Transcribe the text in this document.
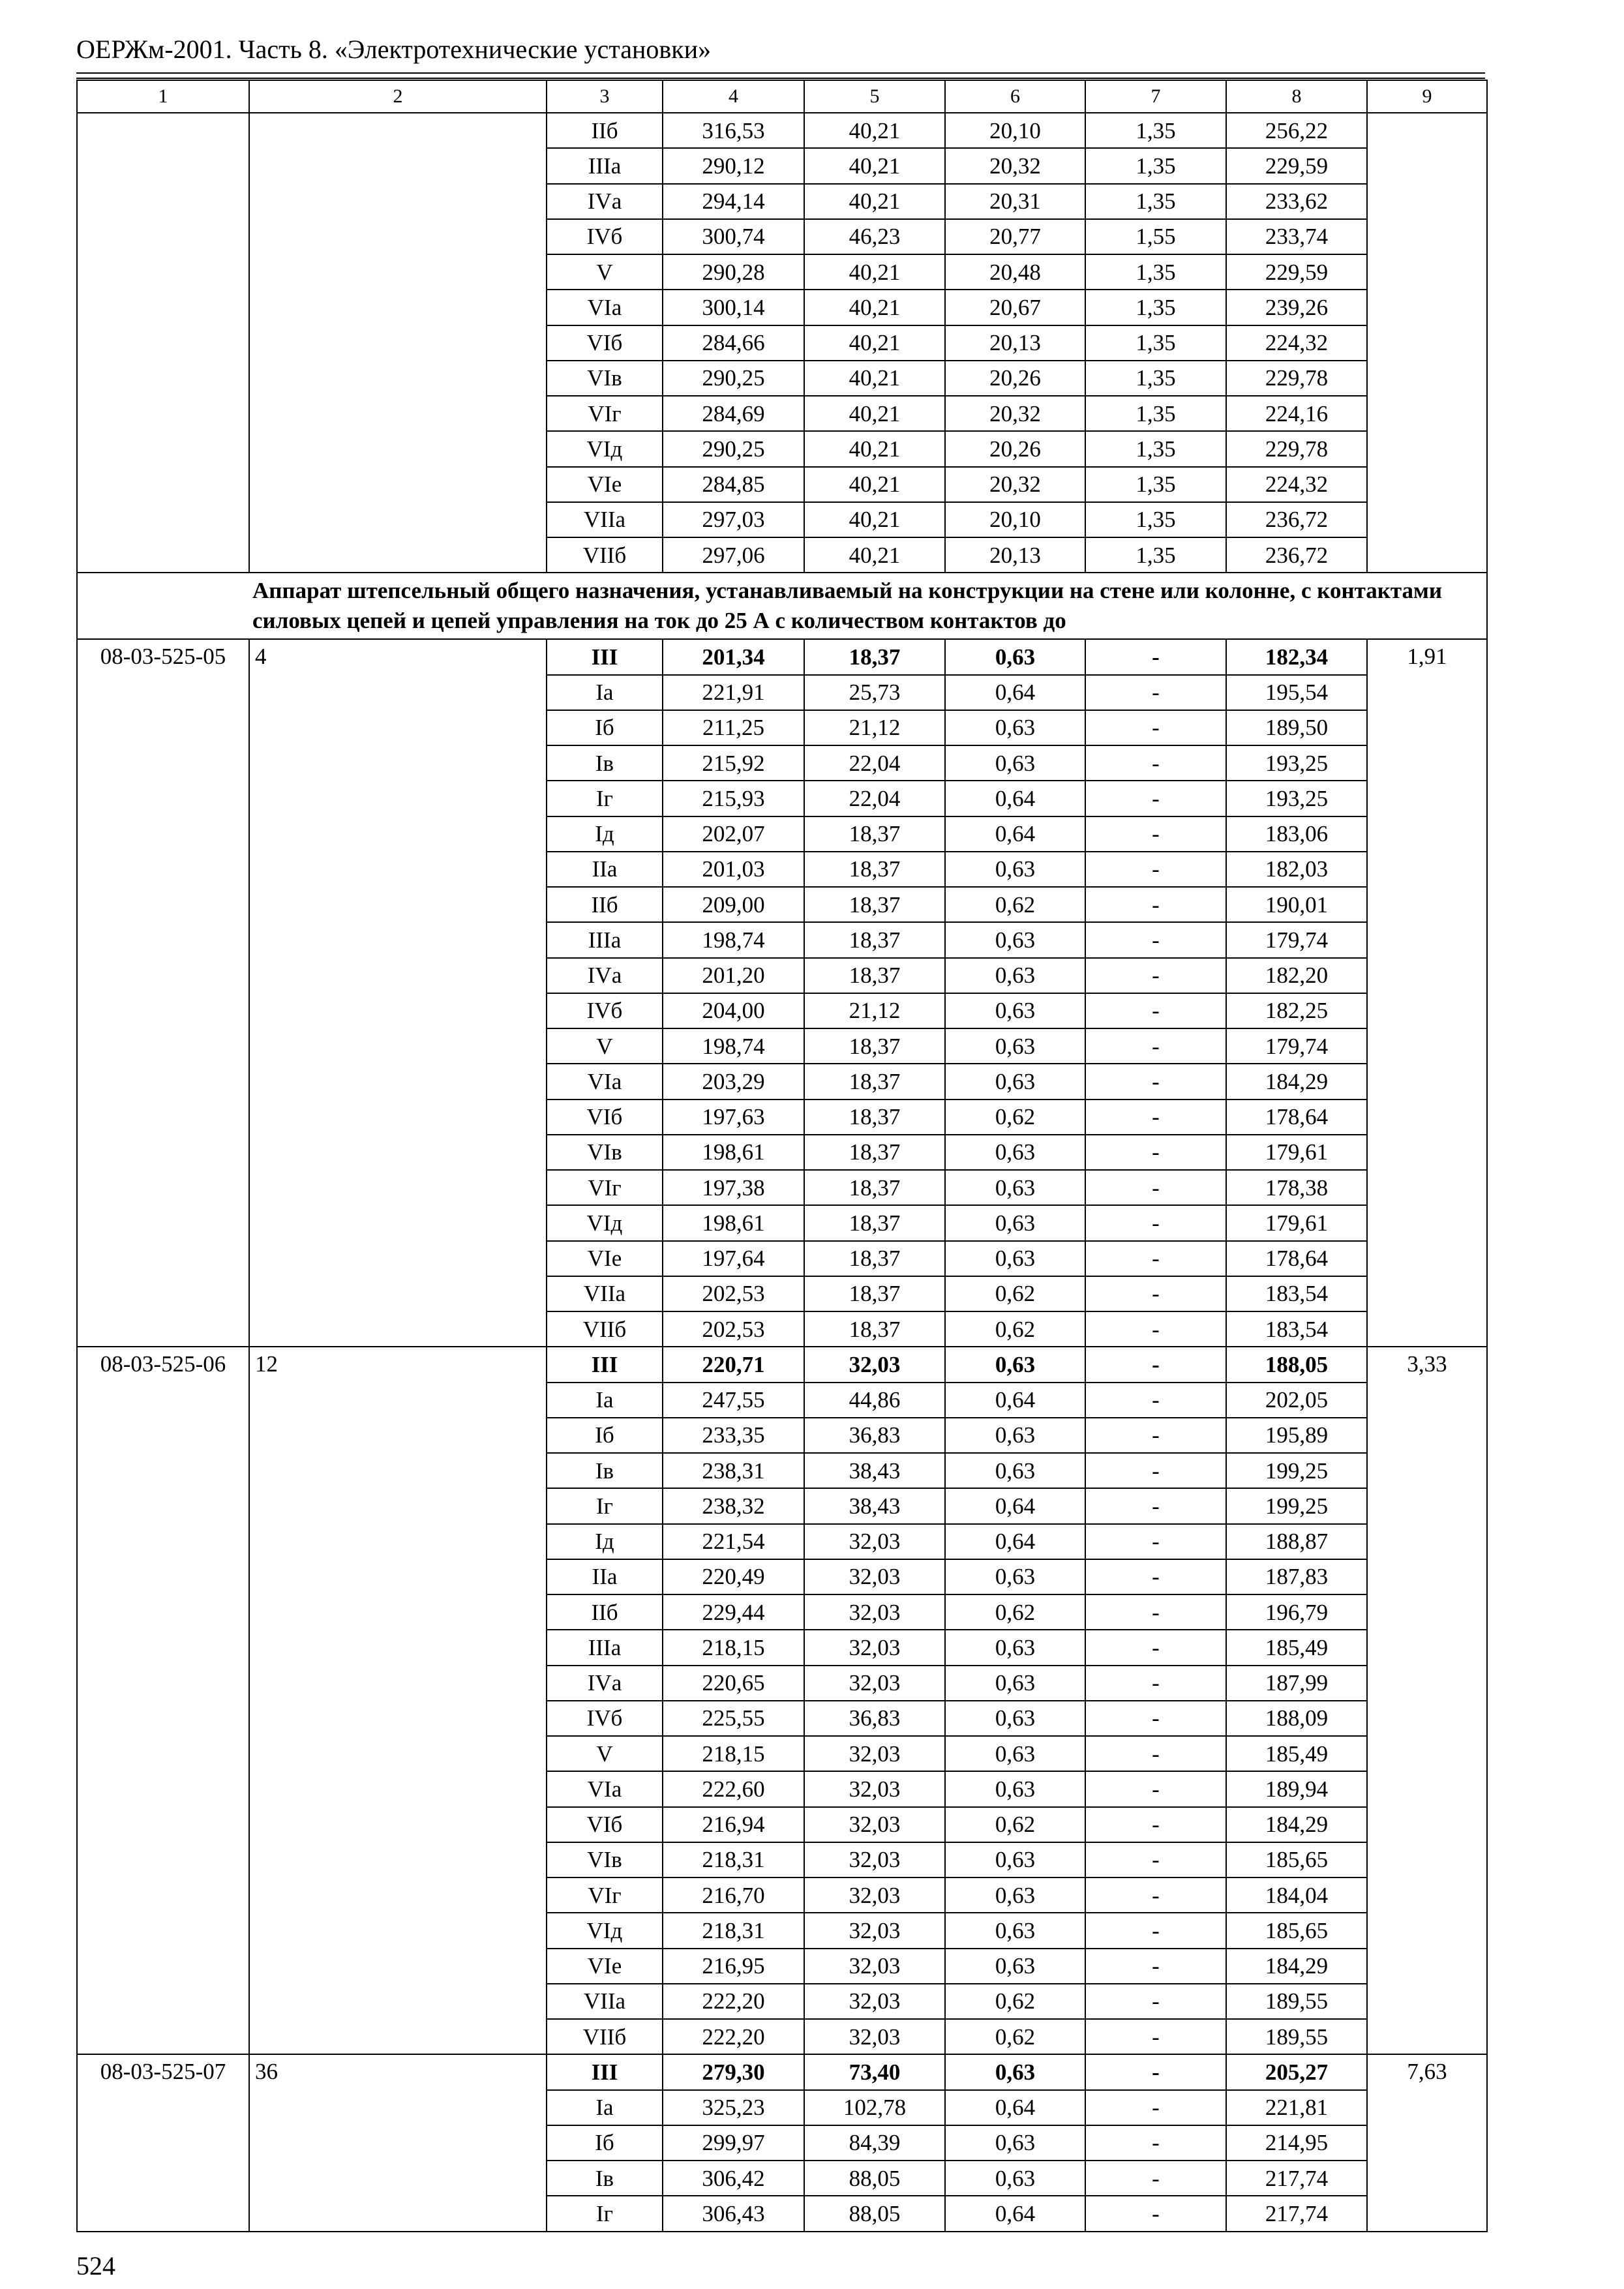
ОЕРЖм-2001. Часть 8. «Электротехнические установки»
1	2	3	4	5	6	7	8	9
		IIб	316,53	40,21	20,10	1,35	256,22	
		IIIа	290,12	40,21	20,32	1,35	229,59	
		IVа	294,14	40,21	20,31	1,35	233,62	
		IVб	300,74	46,23	20,77	1,55	233,74	
		V	290,28	40,21	20,48	1,35	229,59	
		VIа	300,14	40,21	20,67	1,35	239,26	
		VIб	284,66	40,21	20,13	1,35	224,32	
		VIв	290,25	40,21	20,26	1,35	229,78	
		VIг	284,69	40,21	20,32	1,35	224,16	
		VIд	290,25	40,21	20,26	1,35	229,78	
		VIе	284,85	40,21	20,32	1,35	224,32	
		VIIа	297,03	40,21	20,10	1,35	236,72	
		VIIб	297,06	40,21	20,13	1,35	236,72	
Аппарат штепсельный общего назначения, устанавливаемый на конструкции на стене или колонне, с контактами силовых цепей и цепей управления на ток до 25 А с количеством контактов до								
08-03-525-05	4	III	201,34	18,37	0,63	-	182,34	1,91
		Iа	221,91	25,73	0,64	-	195,54	
		Iб	211,25	21,12	0,63	-	189,50	
		Iв	215,92	22,04	0,63	-	193,25	
		Iг	215,93	22,04	0,64	-	193,25	
		Iд	202,07	18,37	0,64	-	183,06	
		IIа	201,03	18,37	0,63	-	182,03	
		IIб	209,00	18,37	0,62	-	190,01	
		IIIа	198,74	18,37	0,63	-	179,74	
		IVа	201,20	18,37	0,63	-	182,20	
		IVб	204,00	21,12	0,63	-	182,25	
		V	198,74	18,37	0,63	-	179,74	
		VIа	203,29	18,37	0,63	-	184,29	
		VIб	197,63	18,37	0,62	-	178,64	
		VIв	198,61	18,37	0,63	-	179,61	
		VIг	197,38	18,37	0,63	-	178,38	
		VIд	198,61	18,37	0,63	-	179,61	
		VIе	197,64	18,37	0,63	-	178,64	
		VIIа	202,53	18,37	0,62	-	183,54	
		VIIб	202,53	18,37	0,62	-	183,54	
08-03-525-06	12	III	220,71	32,03	0,63	-	188,05	3,33
		Iа	247,55	44,86	0,64	-	202,05	
		Iб	233,35	36,83	0,63	-	195,89	
		Iв	238,31	38,43	0,63	-	199,25	
		Iг	238,32	38,43	0,64	-	199,25	
		Iд	221,54	32,03	0,64	-	188,87	
		IIа	220,49	32,03	0,63	-	187,83	
		IIб	229,44	32,03	0,62	-	196,79	
		IIIа	218,15	32,03	0,63	-	185,49	
		IVа	220,65	32,03	0,63	-	187,99	
		IVб	225,55	36,83	0,63	-	188,09	
		V	218,15	32,03	0,63	-	185,49	
		VIа	222,60	32,03	0,63	-	189,94	
		VIб	216,94	32,03	0,62	-	184,29	
		VIв	218,31	32,03	0,63	-	185,65	
		VIг	216,70	32,03	0,63	-	184,04	
		VIд	218,31	32,03	0,63	-	185,65	
		VIе	216,95	32,03	0,63	-	184,29	
		VIIа	222,20	32,03	0,62	-	189,55	
		VIIб	222,20	32,03	0,62	-	189,55	
08-03-525-07	36	III	279,30	73,40	0,63	-	205,27	7,63
		Iа	325,23	102,78	0,64	-	221,81	
		Iб	299,97	84,39	0,63	-	214,95	
		Iв	306,42	88,05	0,63	-	217,74	
		Iг	306,43	88,05	0,64	-	217,74	
524
